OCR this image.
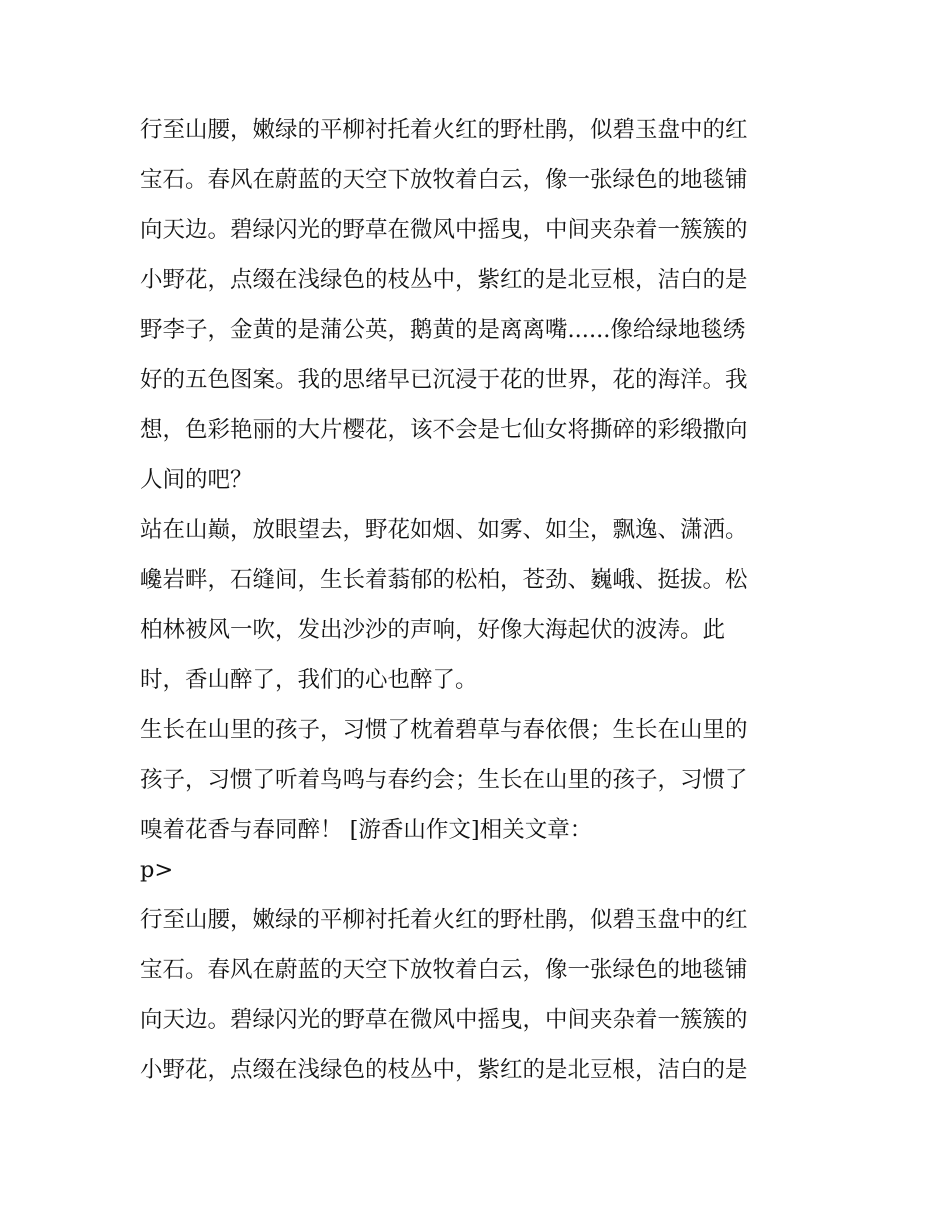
行至山腰，嫩绿的平柳衬托着火红的野杜鹃，似碧玉盘中的红
宝石。春风在蔚蓝的天空下放牧着白云，像一张绿色的地毯铺
向天边。碧绿闪光的野草在微风中摇曳，中间夹杂着一簇簇的
小野花，点缀在浅绿色的枝丛中，紫红的是北豆根，洁白的是
野李子，金黄的是蒲公英，鹅黄的是离离嘴......像给绿地毯绣
好的五色图案。我的思绪早已沉浸于花的世界，花的海洋。我
想，色彩艳丽的大片樱花，该不会是七仙女将撕碎的彩缎撒向
人间的吧？
站在山巅，放眼望去，野花如烟、如雾、如尘，飘逸、潇洒。
巉岩畔，石缝间，生长着蓊郁的松柏，苍劲、巍峨、挺拔。松
柏林被风一吹，发出沙沙的声响，好像大海起伏的波涛。此
时，香山醉了，我们的心也醉了。
生长在山里的孩子，习惯了枕着碧草与春依偎；生长在山里的
孩子，习惯了听着鸟鸣与春约会；生长在山里的孩子，习惯了
嗅着花香与春同醉！ [游香山作文]相关文章：
p>
行至山腰，嫩绿的平柳衬托着火红的野杜鹃，似碧玉盘中的红
宝石。春风在蔚蓝的天空下放牧着白云，像一张绿色的地毯铺
向天边。碧绿闪光的野草在微风中摇曳，中间夹杂着一簇簇的
小野花，点缀在浅绿色的枝丛中，紫红的是北豆根，洁白的是
